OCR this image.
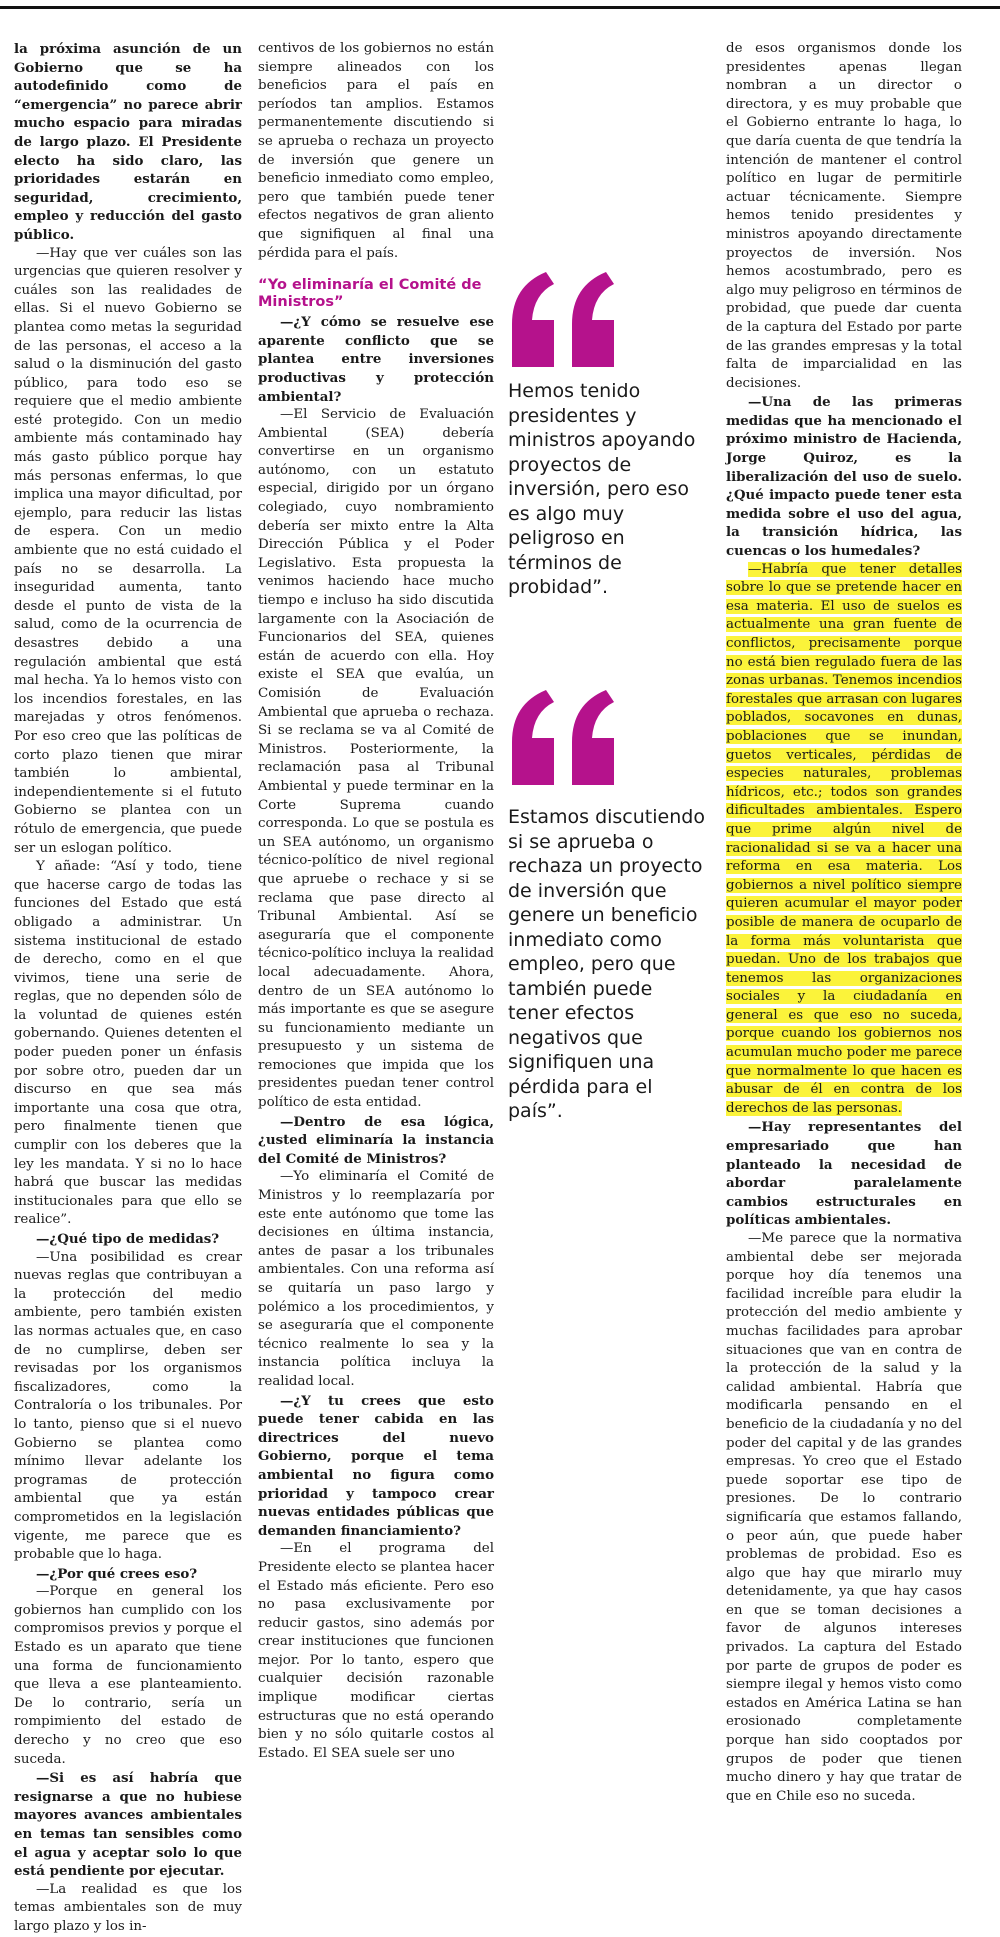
la próxima asunción de un Gobierno que se ha autodefinido como de “emergencia” no parece abrir mucho espacio para miradas de largo plazo. El Presidente electo ha sido claro, las prioridades estarán en seguridad, crecimiento, empleo y reducción del gasto público.

—Hay que ver cuáles son las urgencias que quieren resolver y cuáles son las realidades de ellas. Si el nuevo Gobierno se plantea como metas la seguridad de las personas, el acceso a la salud o la disminución del gasto público, para todo eso se requiere que el medio ambiente esté protegido. Con un medio ambiente más contaminado hay más gasto público porque hay más personas enfermas, lo que implica una mayor dificultad, por ejemplo, para reducir las listas de espera. Con un medio ambiente que no está cuidado el país no se desarrolla. La inseguridad aumenta, tanto desde el punto de vista de la salud, como de la ocurrencia de desastres debido a una regulación ambiental que está mal hecha. Ya lo hemos visto con los incendios forestales, en las marejadas y otros fenómenos. Por eso creo que las políticas de corto plazo tienen que mirar también lo ambiental, independientemente si el fututo Gobierno se plantea con un rótulo de emergencia, que puede ser un eslogan político.

Y añade: “Así y todo, tiene que hacerse cargo de todas las funciones del Estado que está obligado a administrar. Un sistema institucional de estado de derecho, como en el que vivimos, tiene una serie de reglas, que no dependen sólo de la voluntad de quienes estén gobernando. Quienes detenten el poder pueden poner un énfasis por sobre otro, pueden dar un discurso en que sea más importante una cosa que otra, pero finalmente tienen que cumplir con los deberes que la ley les mandata. Y si no lo hace habrá que buscar las medidas institucionales para que ello se realice”.

—¿Qué tipo de medidas?

—Una posibilidad es crear nuevas reglas que contribuyan a la protección del medio ambiente, pero también existen las normas actuales que, en caso de no cumplirse, deben ser revisadas por los organismos fiscalizadores, como la Contraloría o los tribunales. Por lo tanto, pienso que si el nuevo Gobierno se plantea como mínimo llevar adelante los programas de protección ambiental que ya están comprometidos en la legislación vigente, me parece que es probable que lo haga.

—¿Por qué crees eso?

—Porque en general los gobiernos han cumplido con los compromisos previos y porque el Estado es un aparato que tiene una forma de funcionamiento que lleva a ese planteamiento. De lo contrario, sería un rompimiento del estado de derecho y no creo que eso suceda.

—Si es así habría que resignarse a que no hubiese mayores avances ambientales en temas tan sensibles como el agua y aceptar solo lo que está pendiente por ejecutar.

—La realidad es que los temas ambientales son de muy largo plazo y los in-

centivos de los gobiernos no están siempre alineados con los beneficios para el país en períodos tan amplios. Estamos permanentemente discutiendo si se aprueba o rechaza un proyecto de inversión que genere un beneficio inmediato como empleo, pero que también puede tener efectos negativos de gran aliento que signifiquen al final una pérdida para el país.

“Yo eliminaría el Comité de Ministros”

—¿Y cómo se resuelve ese aparente conflicto que se plantea entre inversiones productivas y protección ambiental?

—El Servicio de Evaluación Ambiental (SEA) debería convertirse en un organismo autónomo, con un estatuto especial, dirigido por un órgano colegiado, cuyo nombramiento debería ser mixto entre la Alta Dirección Pública y el Poder Legislativo. Esta propuesta la venimos haciendo hace mucho tiempo e incluso ha sido discutida largamente con la Asociación de Funcionarios del SEA, quienes están de acuerdo con ella. Hoy existe el SEA que evalúa, un Comisión de Evaluación Ambiental que aprueba o rechaza. Si se reclama se va al Comité de Ministros. Posteriormente, la reclamación pasa al Tribunal Ambiental y puede terminar en la Corte Suprema cuando corresponda. Lo que se postula es un SEA autónomo, un organismo técnico-político de nivel regional que apruebe o rechace y si se reclama que pase directo al Tribunal Ambiental. Así se aseguraría que el componente técnico-político incluya la realidad local adecuadamente. Ahora, dentro de un SEA autónomo lo más importante es que se asegure su funcionamiento mediante un presupuesto y un sistema de remociones que impida que los presidentes puedan tener control político de esta entidad.

—Dentro de esa lógica, ¿usted eliminaría la instancia del Comité de Ministros?

—Yo eliminaría el Comité de Ministros y lo reemplazaría por este ente autónomo que tome las decisiones en última instancia, antes de pasar a los tribunales ambientales. Con una reforma así se quitaría un paso largo y polémico a los procedimientos, y se aseguraría que el componente técnico realmente lo sea y la instancia política incluya la realidad local.

—¿Y tu crees que esto puede tener cabida en las directrices del nuevo Gobierno, porque el tema ambiental no figura como prioridad y tampoco crear nuevas entidades públicas que demanden financiamiento?

—En el programa del Presidente electo se plantea hacer el Estado más eficiente. Pero eso no pasa exclusivamente por reducir gastos, sino además por crear instituciones que funcionen mejor. Por lo tanto, espero que cualquier decisión razonable implique modificar ciertas estructuras que no está operando bien y no sólo quitarle costos al Estado. El SEA suele ser uno

Hemos tenido presidentes y ministros apoyando proyectos de inversión, pero eso es algo muy peligroso en términos de probidad”.
Estamos discutiendo si se aprueba o rechaza un proyecto de inversión que genere un beneficio inmediato como empleo, pero que también puede tener efectos negativos que signifiquen una pérdida para el país”.

de esos organismos donde los presidentes apenas llegan nombran a un director o directora, y es muy probable que el Gobierno entrante lo haga, lo que daría cuenta de que tendría la intención de mantener el control político en lugar de permitirle actuar técnicamente. Siempre hemos tenido presidentes y ministros apoyando directamente proyectos de inversión. Nos hemos acostumbrado, pero es algo muy peligroso en términos de probidad, que puede dar cuenta de la captura del Estado por parte de las grandes empresas y la total falta de imparcialidad en las decisiones.

—Una de las primeras medidas que ha mencionado el próximo ministro de Hacienda, Jorge Quiroz, es la liberalización del uso de suelo. ¿Qué impacto puede tener esta medida sobre el uso del agua, la transición hídrica, las cuencas o los humedales?

—Habría que tener detalles sobre lo que se pretende hacer en esa materia. El uso de suelos es actualmente una gran fuente de conflictos, precisamente porque no está bien regulado fuera de las zonas urbanas. Tenemos incendios forestales que arrasan con lugares poblados, socavones en dunas, poblaciones que se inundan, guetos verticales, pérdidas de especies naturales, problemas hídricos, etc.; todos son grandes dificultades ambientales. Espero que prime algún nivel de racionalidad si se va a hacer una reforma en esa materia. Los gobiernos a nivel político siempre quieren acumular el mayor poder posible de manera de ocuparlo de la forma más voluntarista que puedan. Uno de los trabajos que tenemos las organizaciones sociales y la ciudadanía en general es que eso no suceda, porque cuando los gobiernos nos acumulan mucho poder me parece que normalmente lo que hacen es abusar de él en contra de los derechos de las personas.

—Hay representantes del empresariado que han planteado la necesidad de abordar paralelamente cambios estructurales en políticas ambientales.

—Me parece que la normativa ambiental debe ser mejorada porque hoy día tenemos una facilidad increíble para eludir la protección del medio ambiente y muchas facilidades para aprobar situaciones que van en contra de la protección de la salud y la calidad ambiental. Habría que modificarla pensando en el beneficio de la ciudadanía y no del poder del capital y de las grandes empresas. Yo creo que el Estado puede soportar ese tipo de presiones. De lo contrario significaría que estamos fallando, o peor aún, que puede haber problemas de probidad. Eso es algo que hay que mirarlo muy detenidamente, ya que hay casos en que se toman decisiones a favor de algunos intereses privados. La captura del Estado por parte de grupos de poder es siempre ilegal y hemos visto como estados en América Latina se han erosionado completamente porque han sido cooptados por grupos de poder que tienen mucho dinero y hay que tratar de que en Chile eso no suceda.
